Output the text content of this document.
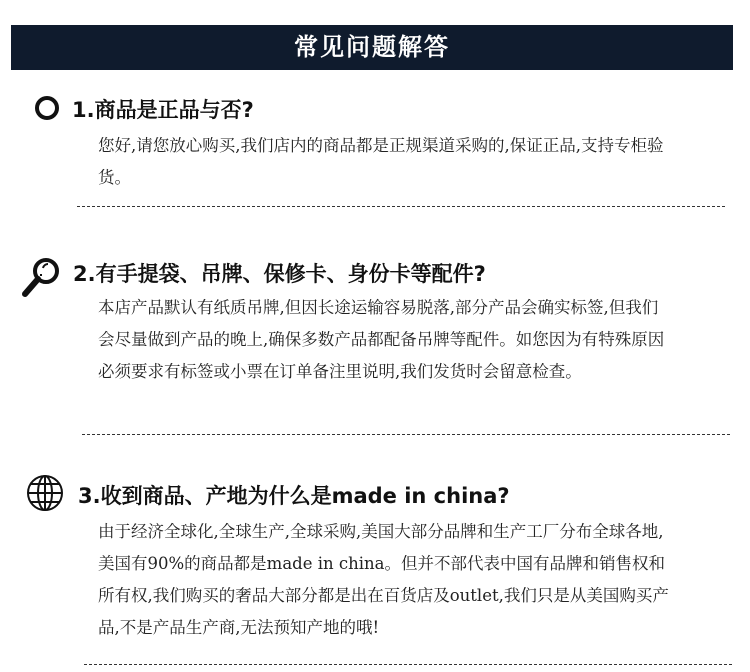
常见问题解答
1.商品是正品与否?
您好,请您放心购买,我们店内的商品都是正规渠道采购的,保证正品,支持专柜验货。
2.有手提袋、吊牌、保修卡、身份卡等配件?
本店产品默认有纸质吊牌,但因长途运输容易脱落,部分产品会确实标签,但我们会尽量做到产品的晚上,确保多数产品都配备吊牌等配件。如您因为有特殊原因必须要求有标签或小票在订单备注里说明,我们发货时会留意检查。
3.收到商品、产地为什么是made in china?
由于经济全球化,全球生产,全球采购,美国大部分品牌和生产工厂分布全球各地,美国有90%的商品都是made in china。但并不部代表中国有品牌和销售权和所有权,我们购买的奢品大部分都是出在百货店及outlet,我们只是从美国购买产品,不是产品生产商,无法预知产地的哦!
